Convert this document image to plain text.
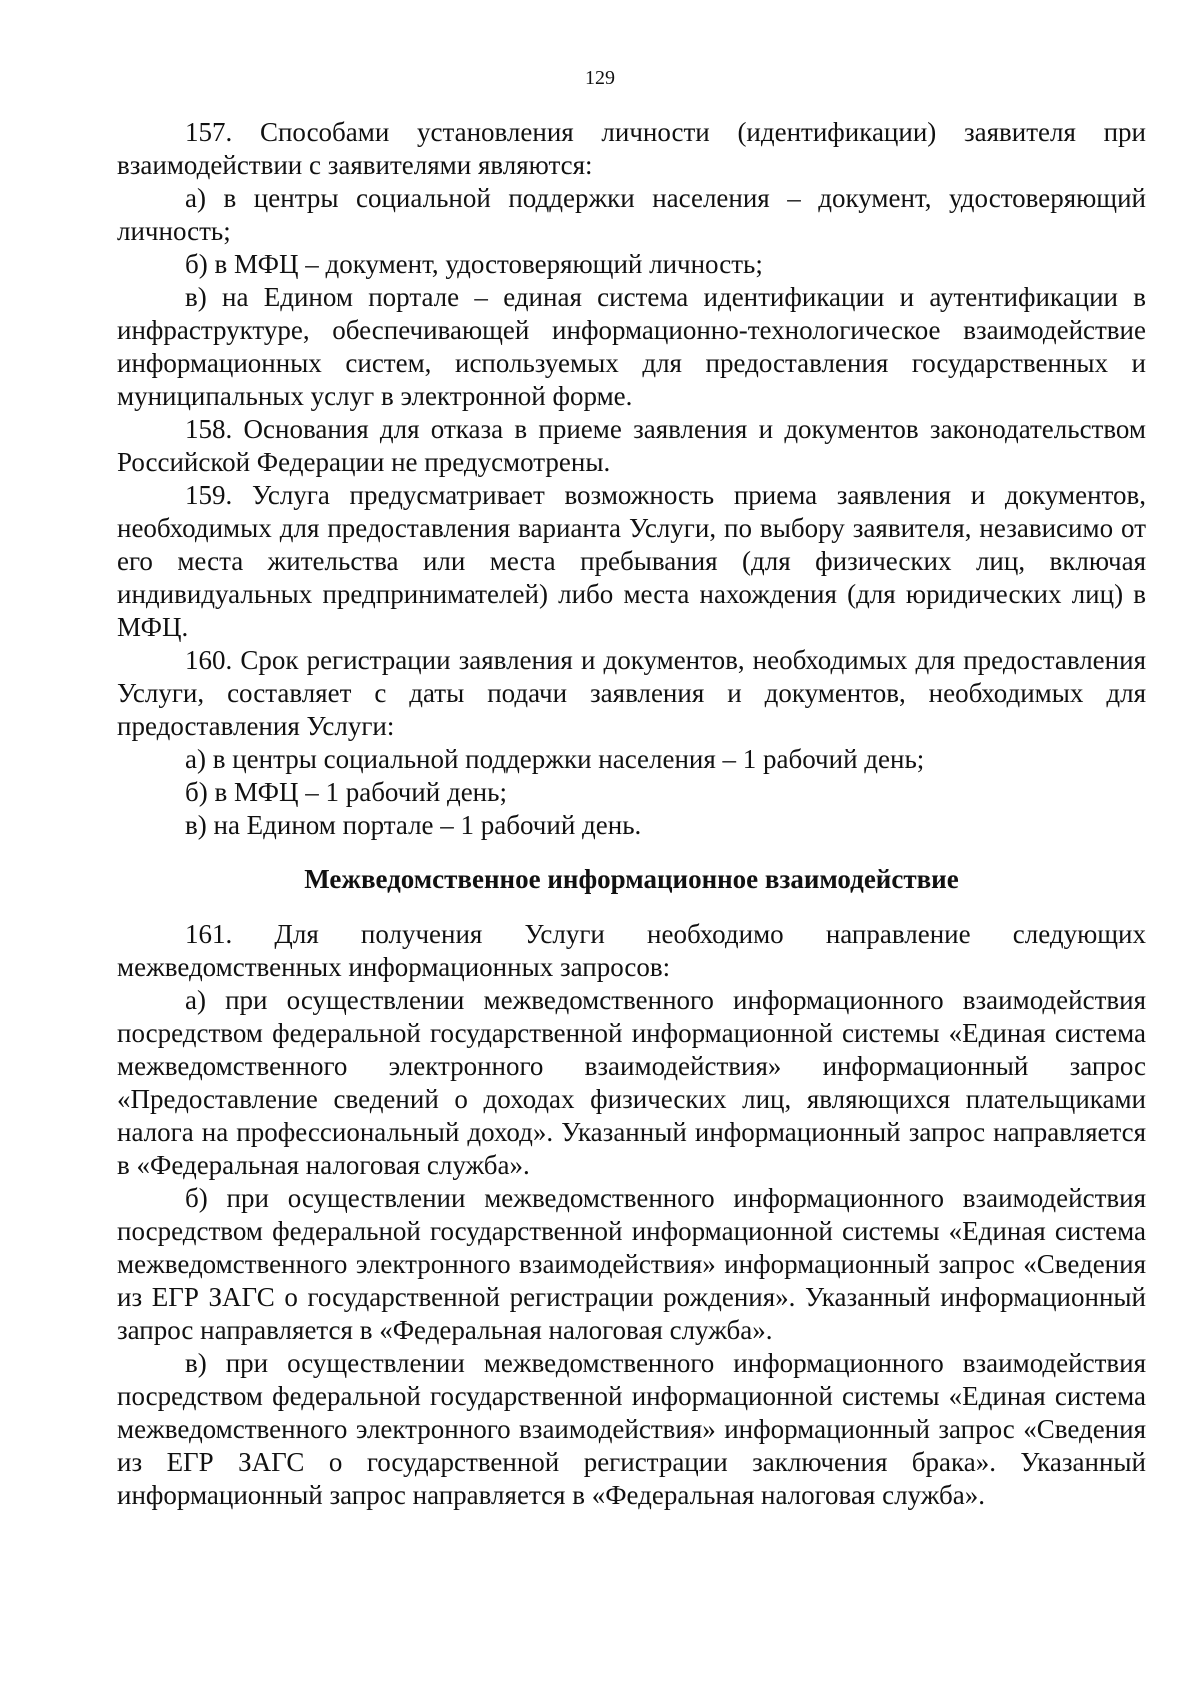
129

157. Способами установления личности (идентификации) заявителя при взаимодействии с заявителями являются:

а) в центры социальной поддержки населения – документ, удостоверяющий личность;

б) в МФЦ – документ, удостоверяющий личность;

в) на Едином портале – единая система идентификации и аутентификации в инфраструктуре, обеспечивающей информационно-технологическое взаимодействие информационных систем, используемых для предоставления государственных и муниципальных услуг в электронной форме.

158. Основания для отказа в приеме заявления и документов законодательством Российской Федерации не предусмотрены.

159. Услуга предусматривает возможность приема заявления и документов, необходимых для предоставления варианта Услуги, по выбору заявителя, независимо от его места жительства или места пребывания (для физических лиц, включая индивидуальных предпринимателей) либо места нахождения (для юридических лиц) в МФЦ.

160. Срок регистрации заявления и документов, необходимых для предоставления Услуги, составляет с даты подачи заявления и документов, необходимых для предоставления Услуги:

а) в центры социальной поддержки населения – 1 рабочий день;

б) в МФЦ – 1 рабочий день;

в) на Едином портале – 1 рабочий день.

Межведомственное информационное взаимодействие

161. Для получения Услуги необходимо направление следующих межведомственных информационных запросов:

а) при осуществлении межведомственного информационного взаимодействия посредством федеральной государственной информационной системы «Единая система межведомственного электронного взаимодействия» информационный запрос «Предоставление сведений о доходах физических лиц, являющихся плательщиками налога на профессиональный доход». Указанный информационный запрос направляется в «Федеральная налоговая служба».

б) при осуществлении межведомственного информационного взаимодействия посредством федеральной государственной информационной системы «Единая система межведомственного электронного взаимодействия» информационный запрос «Сведения из ЕГР ЗАГС о государственной регистрации рождения». Указанный информационный запрос направляется в «Федеральная налоговая служба».

в) при осуществлении межведомственного информационного взаимодействия посредством федеральной государственной информационной системы «Единая система межведомственного электронного взаимодействия» информационный запрос «Сведения из ЕГР ЗАГС о государственной регистрации заключения брака». Указанный информационный запрос направляется в «Федеральная налоговая служба».
